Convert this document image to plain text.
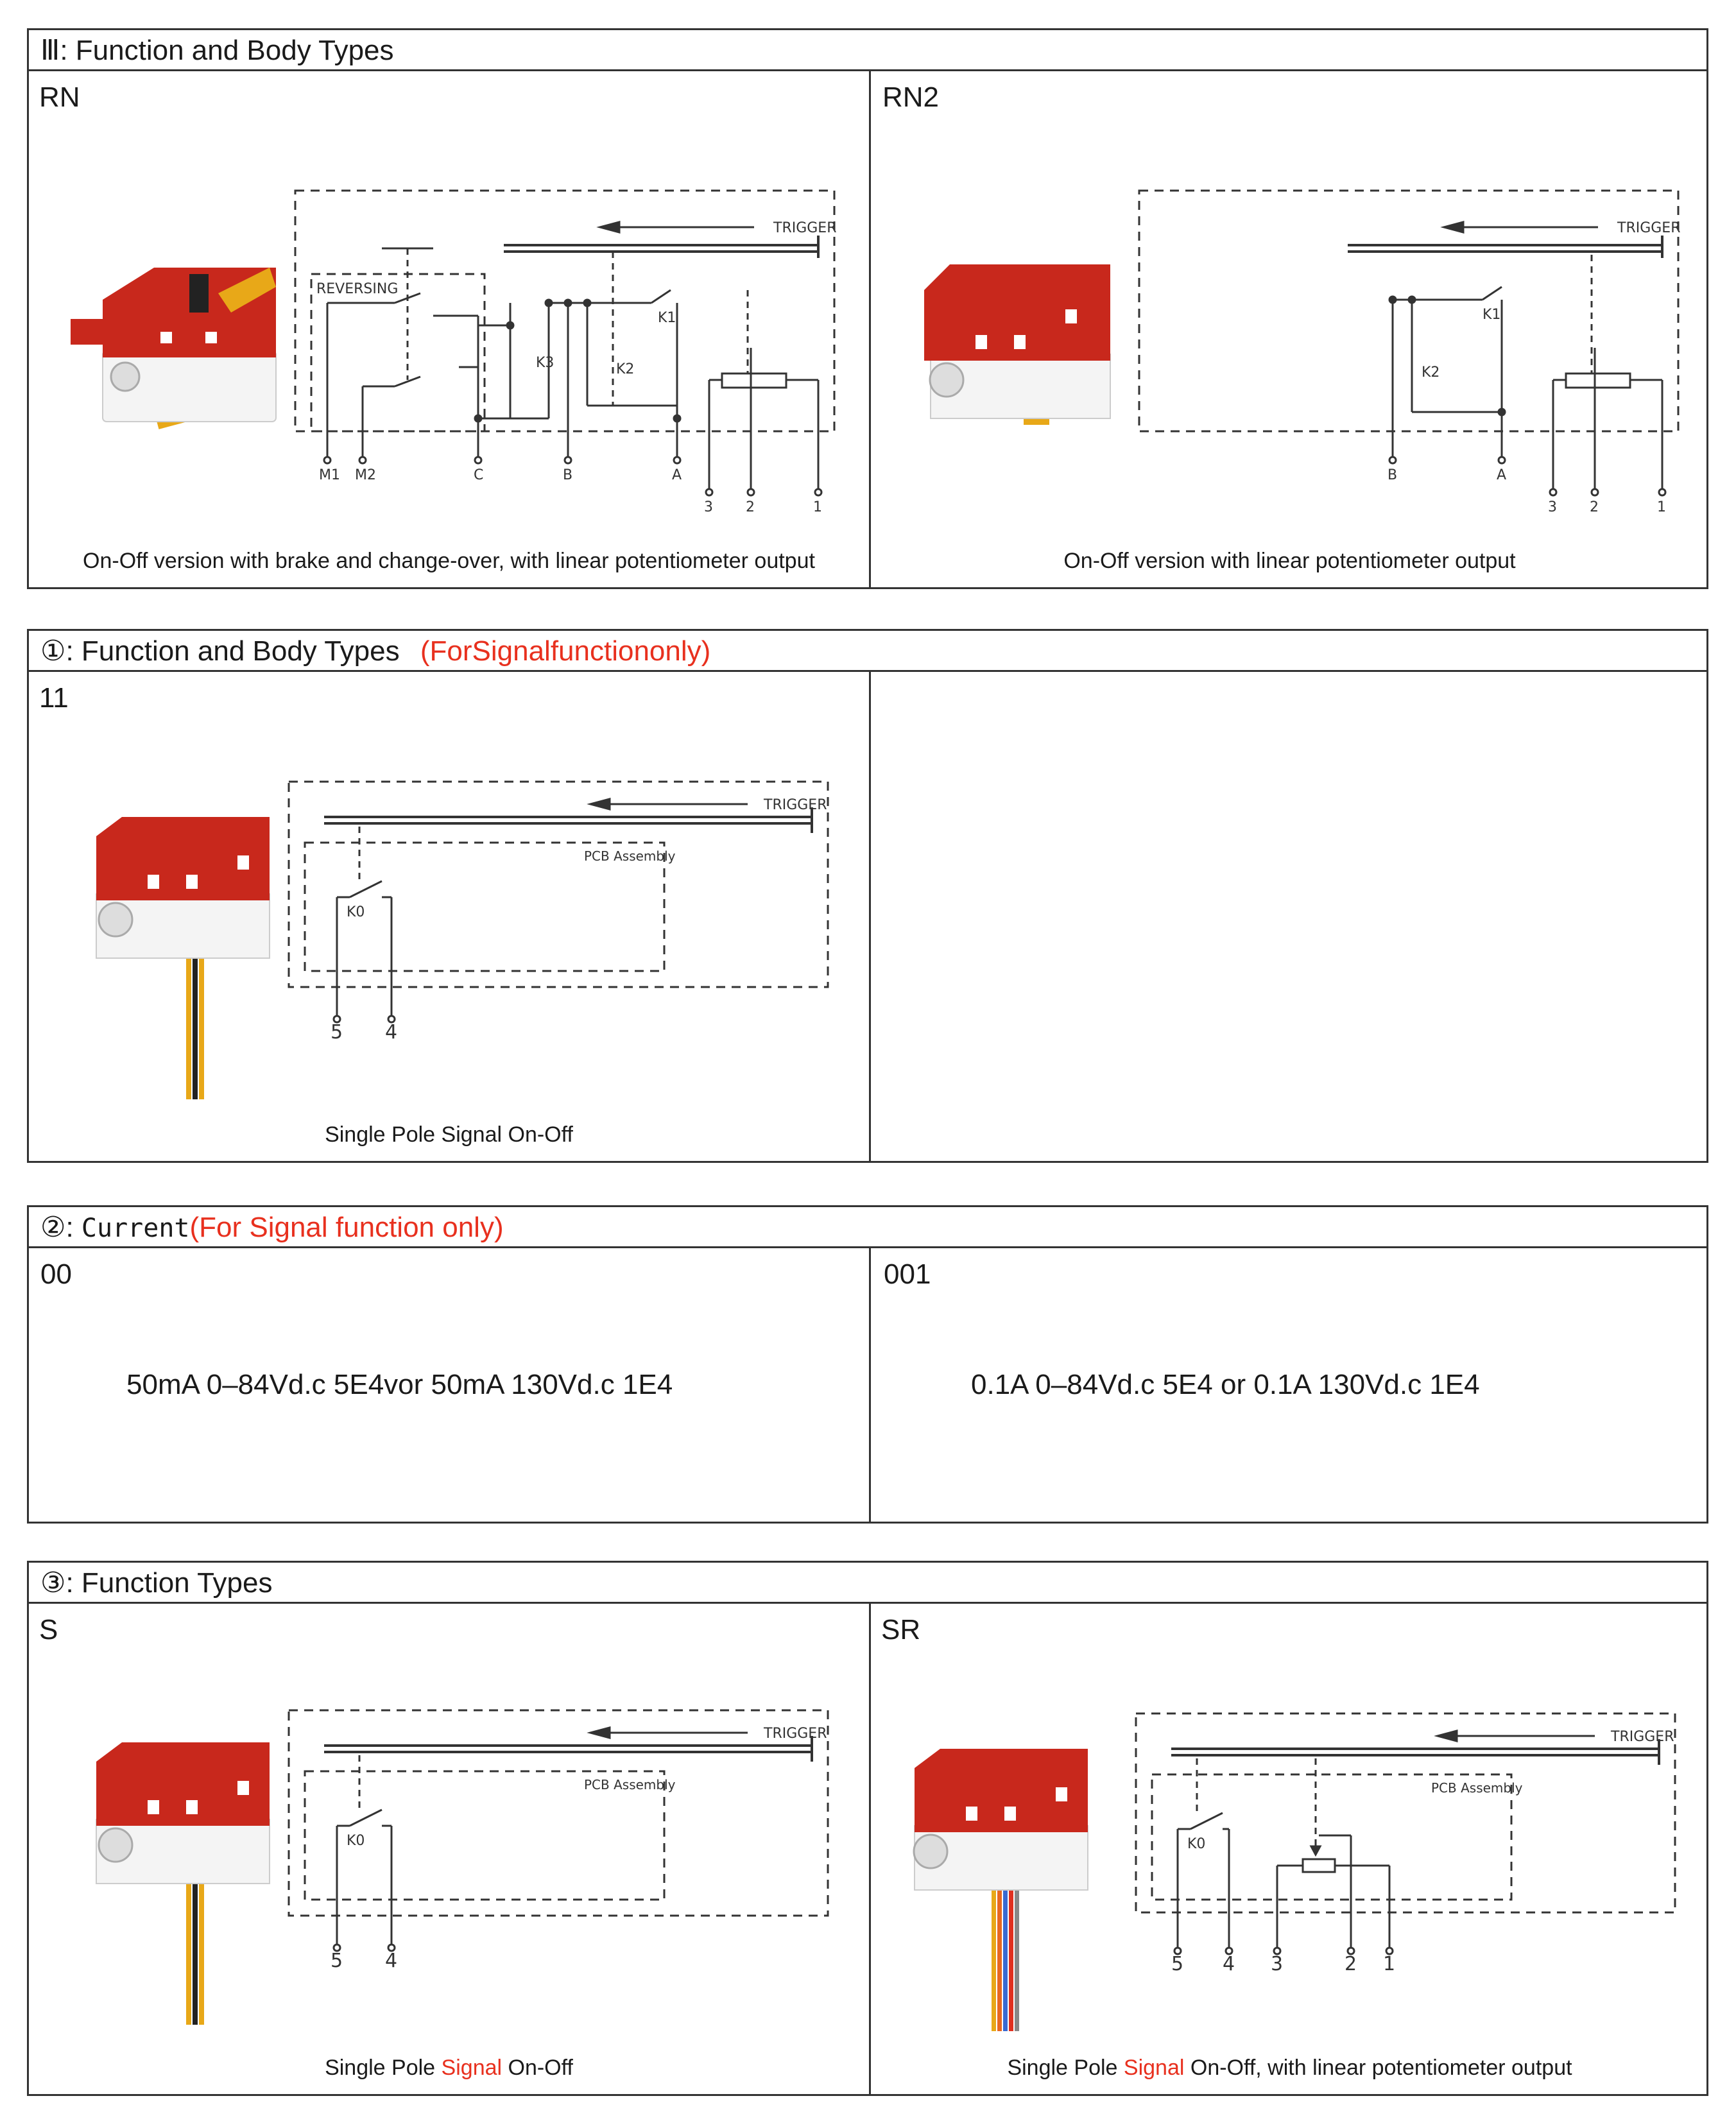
Ⅲ: Function and Body Types
RN	RN2
TRIGGER
REVERSING
K3	K2
K1
M1 M2	C	B	A
3 2	1
TRIGGER
K1
K2
B	A
3 2	1
On-Off version with brake and change-over, with linear potentiometer output	On-Off version with linear potentiometer output
①: Function and Body Types (ForSignalfunctiononly)
11
TRIGGER
PCB Assembly
K0
5 4
Single Pole Signal On-Off
②: Current(For Signal function only)
00	001
50mA 0–84Vd.c 5E4vor 50mA 130Vd.c 1E4	0.1A 0–84Vd.c 5E4 or 0.1A 130Vd.c 1E4
③: Function Types
S	SR
TRIGGER
PCB Assembly
K0
5 4
TRIGGER
PCB Assembly
K0
5 4 3	2 1
Single Pole Signal On-Off	Single Pole Signal On-Off, with linear potentiometer output
